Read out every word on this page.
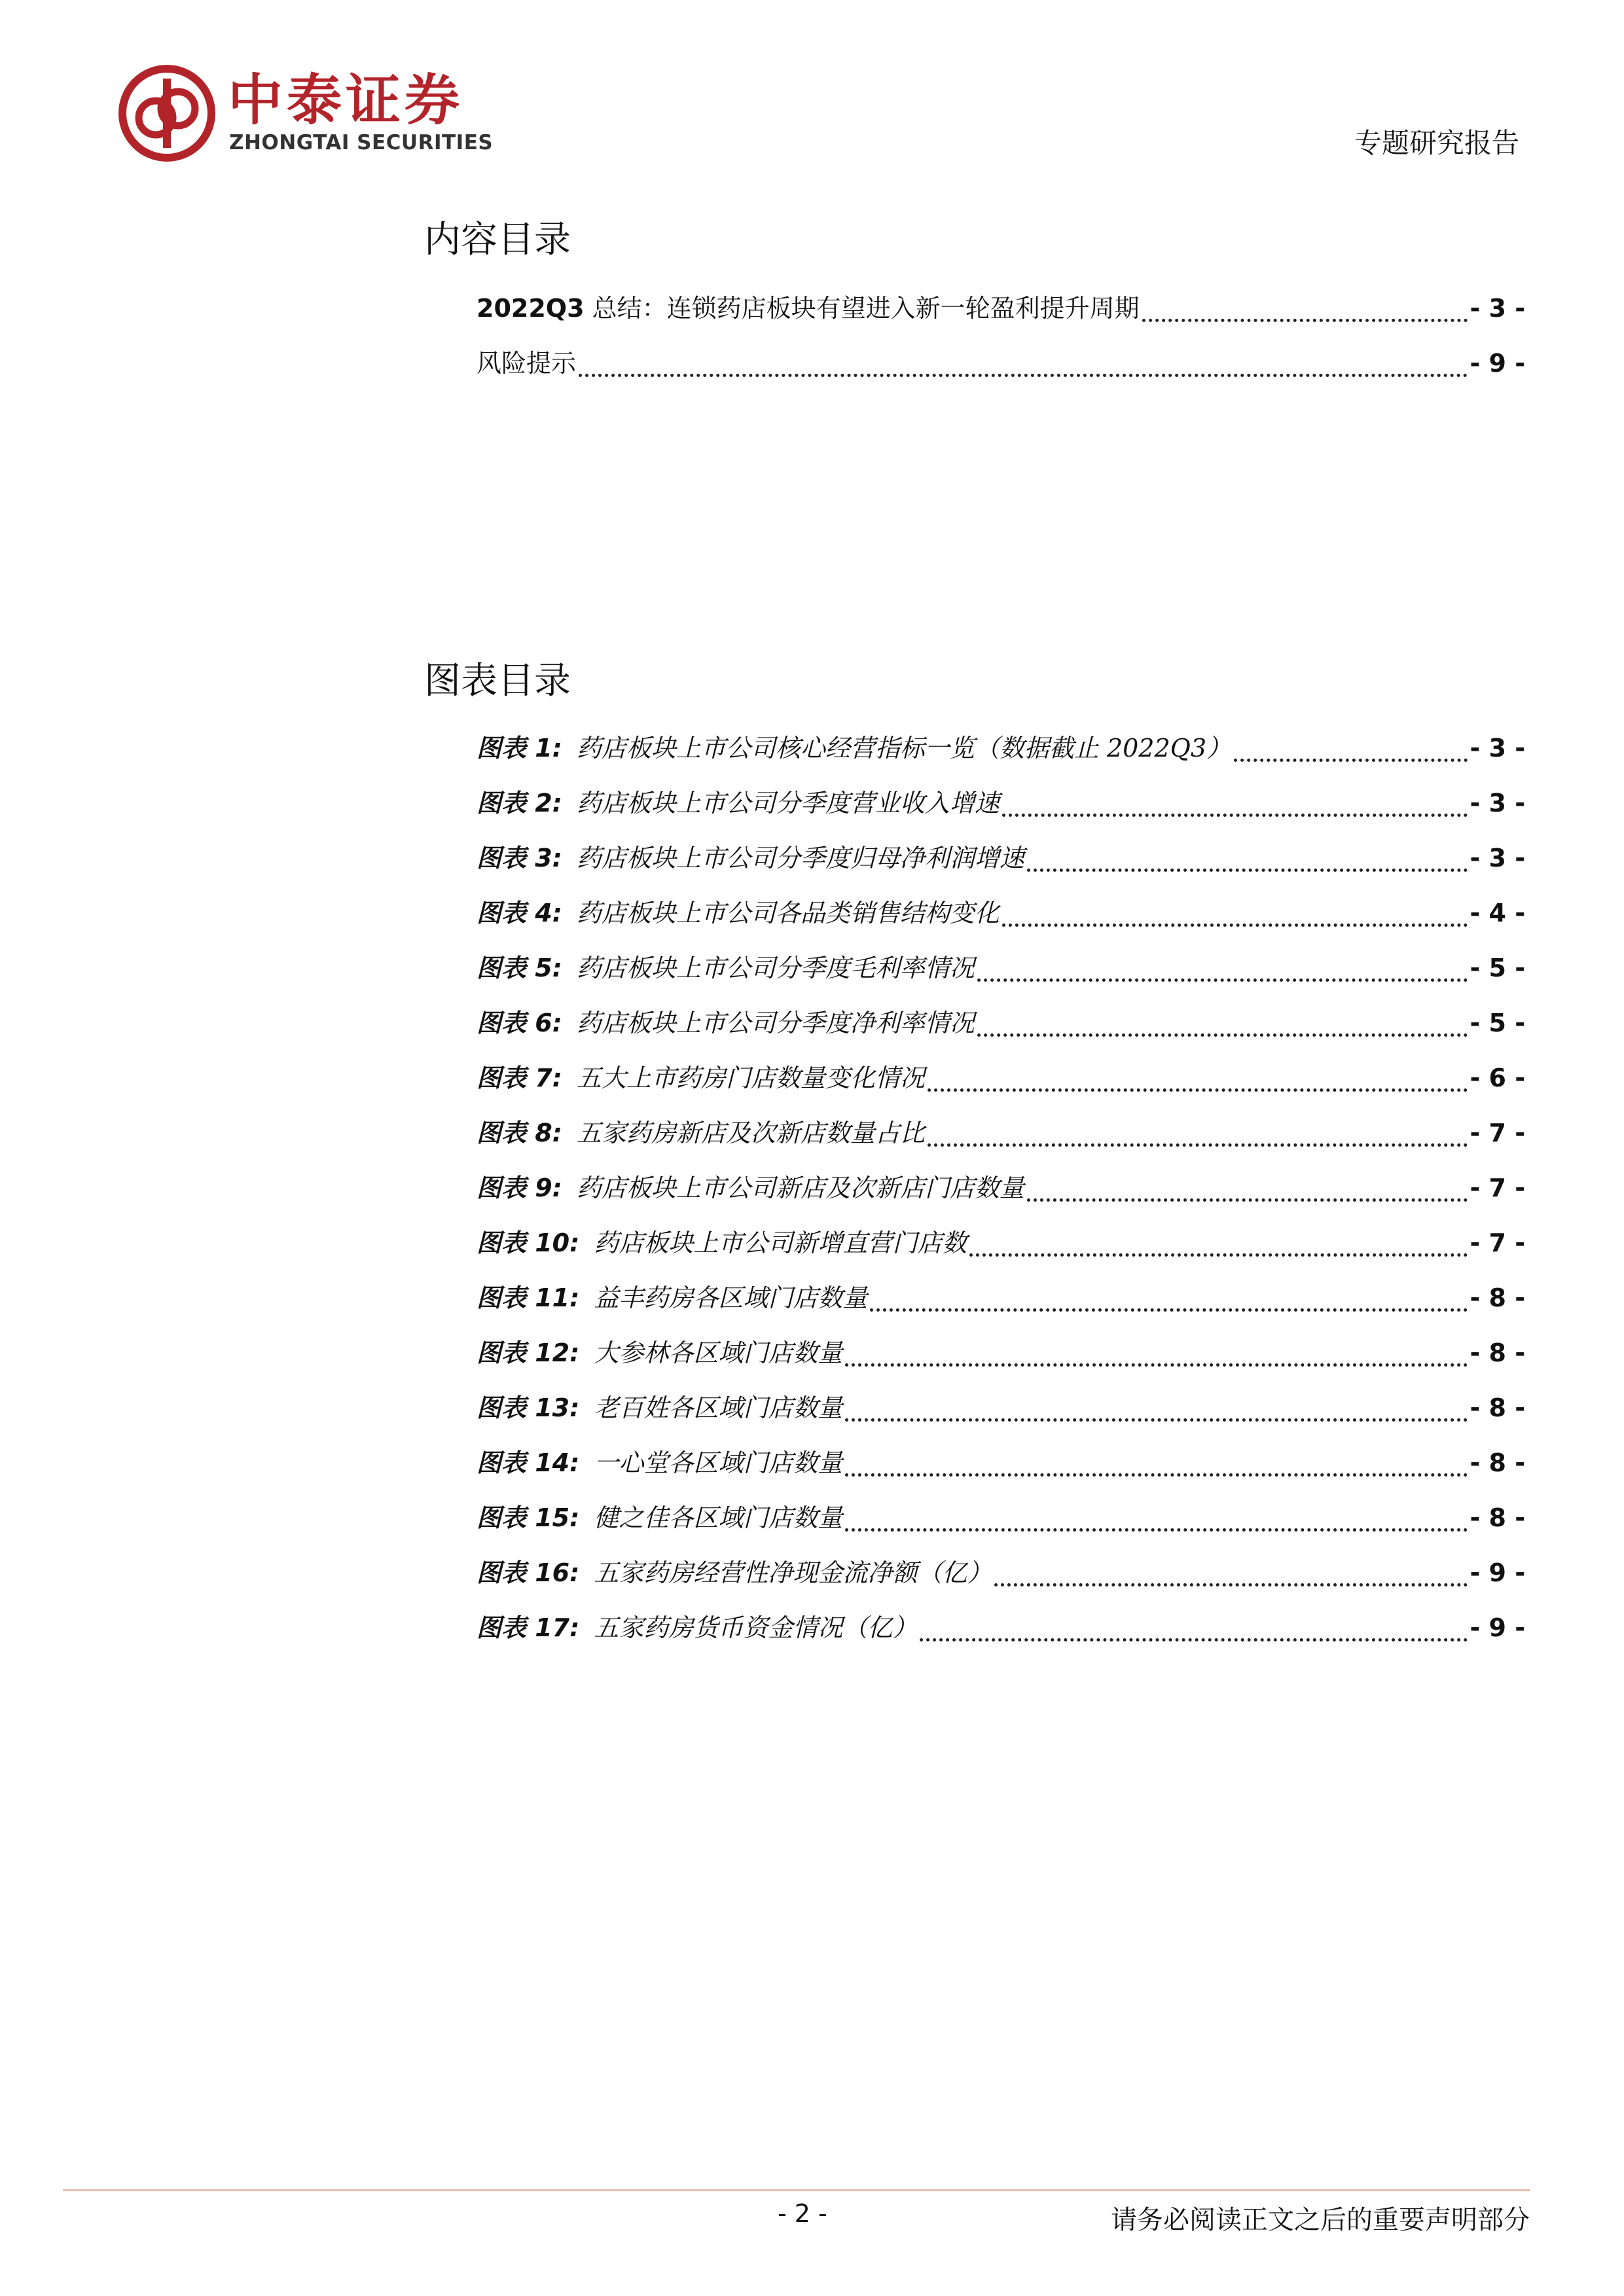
中泰证券
ZHONGTAI SECURITIES	专题研究报告
内容目录
2022Q3 总结：连锁药店板块有望进入新一轮盈利提升周期	- 3 -
风险提示	- 9 -
图表目录
图表 1: 药店板块上市公司核心经营指标一览（数据截止 2022Q3）	- 3 -
图表 2: 药店板块上市公司分季度营业收入增速	- 3 -
图表 3: 药店板块上市公司分季度归母净利润增速	- 3 -
图表 4: 药店板块上市公司各品类销售结构变化	- 4 -
图表 5: 药店板块上市公司分季度毛利率情况	- 5 -
图表 6: 药店板块上市公司分季度净利率情况	- 5 -
图表 7: 五大上市药房门店数量变化情况	- 6 -
图表 8: 五家药房新店及次新店数量占比	- 7 -
图表 9: 药店板块上市公司新店及次新店门店数量	- 7 -
图表 10: 药店板块上市公司新增直营门店数	- 7 -
图表 11: 益丰药房各区域门店数量	- 8 -
图表 12: 大参林各区域门店数量	- 8 -
图表 13: 老百姓各区域门店数量	- 8 -
图表 14: 一心堂各区域门店数量	- 8 -
图表 15: 健之佳各区域门店数量	- 8 -
图表 16: 五家药房经营性净现金流净额（亿）	- 9 -
图表 17: 五家药房货币资金情况（亿）	- 9 -
- 2 -	请务必阅读正文之后的重要声明部分
